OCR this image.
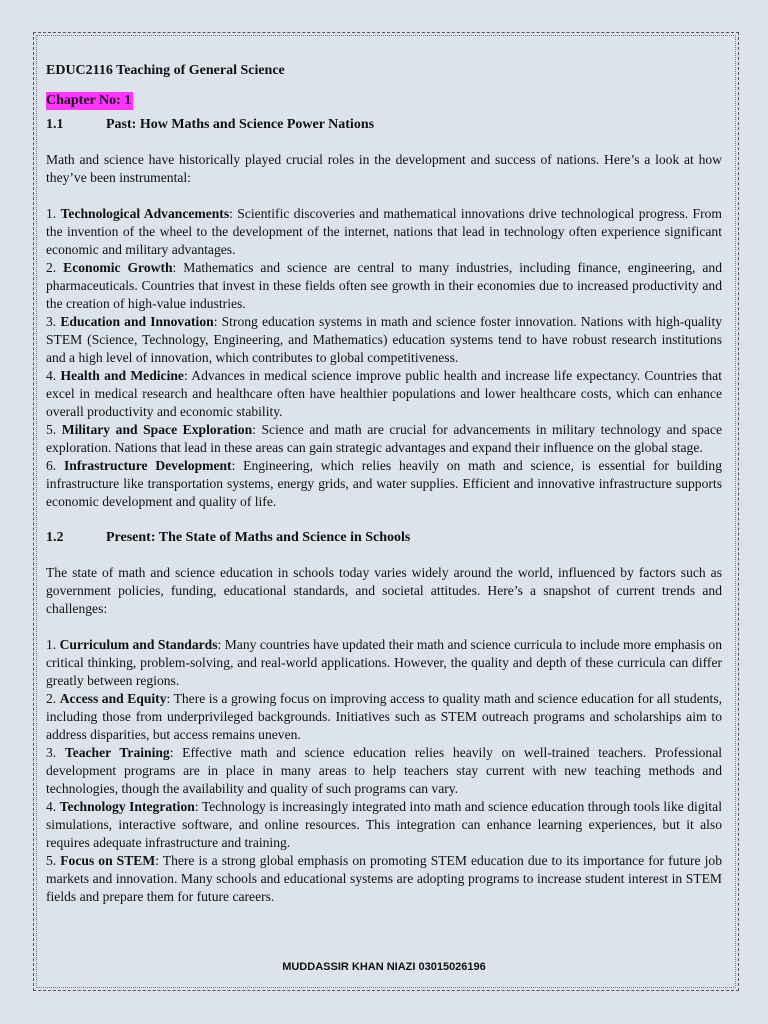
EDUC2116 Teaching of General Science
Chapter No: 1
1.1	Past: How Maths and Science Power Nations

Math and science have historically played crucial roles in the development and success of nations. Here’s a look at how they’ve been instrumental:

1. Technological Advancements: Scientific discoveries and mathematical innovations drive technological progress. From the invention of the wheel to the development of the internet, nations that lead in technology often experience significant economic and military advantages.

2. Economic Growth: Mathematics and science are central to many industries, including finance, engineering, and pharmaceuticals. Countries that invest in these fields often see growth in their economies due to increased productivity and the creation of high-value industries.

3. Education and Innovation: Strong education systems in math and science foster innovation. Nations with high-quality STEM (Science, Technology, Engineering, and Mathematics) education systems tend to have robust research institutions and a high level of innovation, which contributes to global competitiveness.

4. Health and Medicine: Advances in medical science improve public health and increase life expectancy. Countries that excel in medical research and healthcare often have healthier populations and lower healthcare costs, which can enhance overall productivity and economic stability.

5. Military and Space Exploration: Science and math are crucial for advancements in military technology and space exploration. Nations that lead in these areas can gain strategic advantages and expand their influence on the global stage.

6. Infrastructure Development: Engineering, which relies heavily on math and science, is essential for building infrastructure like transportation systems, energy grids, and water supplies. Efficient and innovative infrastructure supports economic development and quality of life.

1.2	Present: The State of Maths and Science in Schools

The state of math and science education in schools today varies widely around the world, influenced by factors such as government policies, funding, educational standards, and societal attitudes. Here’s a snapshot of current trends and challenges:

1. Curriculum and Standards: Many countries have updated their math and science curricula to include more emphasis on critical thinking, problem-solving, and real-world applications. However, the quality and depth of these curricula can differ greatly between regions.

2. Access and Equity: There is a growing focus on improving access to quality math and science education for all students, including those from underprivileged backgrounds. Initiatives such as STEM outreach programs and scholarships aim to address disparities, but access remains uneven.

3. Teacher Training: Effective math and science education relies heavily on well-trained teachers. Professional development programs are in place in many areas to help teachers stay current with new teaching methods and technologies, though the availability and quality of such programs can vary.

4. Technology Integration: Technology is increasingly integrated into math and science education through tools like digital simulations, interactive software, and online resources. This integration can enhance learning experiences, but it also requires adequate infrastructure and training.

5. Focus on STEM: There is a strong global emphasis on promoting STEM education due to its importance for future job markets and innovation. Many schools and educational systems are adopting programs to increase student interest in STEM fields and prepare them for future careers.

MUDDASSIR KHAN NIAZI 03015026196
